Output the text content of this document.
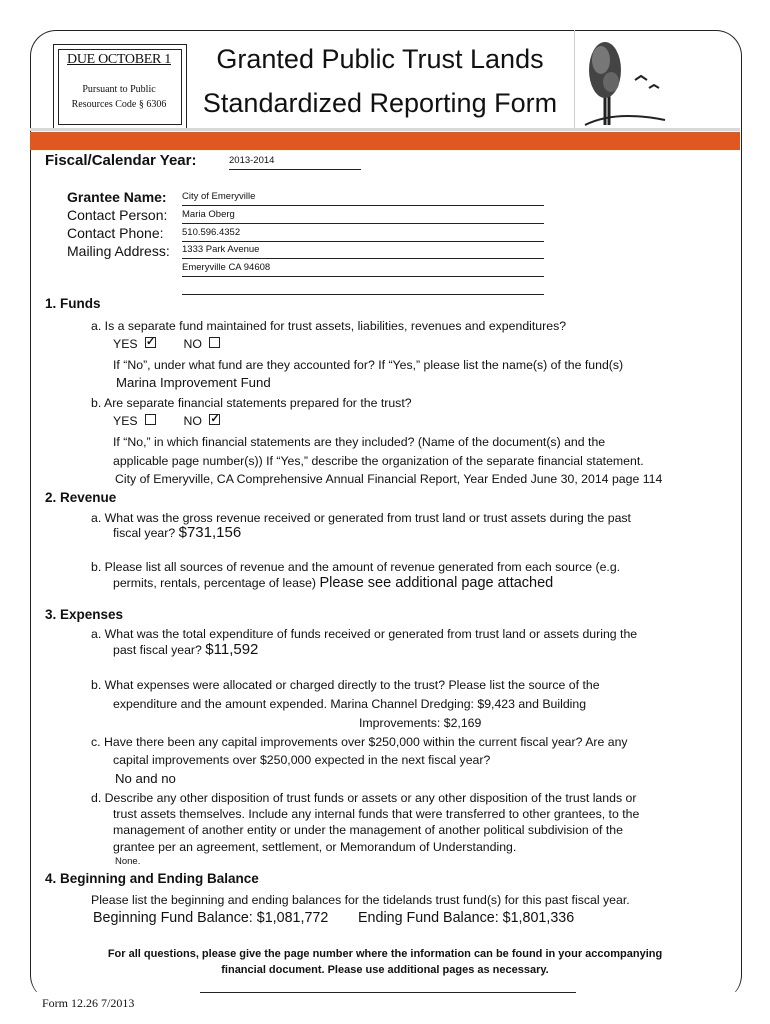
DUE OCTOBER 1
Pursuant to Public
Resources Code § 6306
Granted Public Trust Lands
Standardized Reporting Form
Fiscal/Calendar Year:	2013-2014
Grantee Name: City of Emeryville
Contact Person: Maria Oberg
Contact Phone: 510.596.4352
Mailing Address: 1333 Park Avenue
Emeryville CA 94608
1. Funds
a. Is a separate fund maintained for trust assets, liabilities, revenues and expenditures?
YES ✓	NO
If “No”, under what fund are they accounted for? If “Yes,” please list the name(s) of the fund(s)
Marina Improvement Fund
b. Are separate financial statements prepared for the trust?
YES	NO ✓
If “No,” in which financial statements are they included? (Name of the document(s) and the
applicable page number(s)) If “Yes,” describe the organization of the separate financial statement.
City of Emeryville, CA Comprehensive Annual Financial Report, Year Ended June 30, 2014 page 114
2. Revenue
a. What was the gross revenue received or generated from trust land or trust assets during the past
fiscal year? $731,156
b. Please list all sources of revenue and the amount of revenue generated from each source (e.g.
permits, rentals, percentage of lease) Please see additional page attached
3. Expenses
a. What was the total expenditure of funds received or generated from trust land or assets during the
past fiscal year? $11,592
b. What expenses were allocated or charged directly to the trust? Please list the source of the
expenditure and the amount expended. Marina Channel Dredging: $9,423 and Building
Improvements: $2,169
c. Have there been any capital improvements over $250,000 within the current fiscal year? Are any
capital improvements over $250,000 expected in the next fiscal year?
No and no
d. Describe any other disposition of trust funds or assets or any other disposition of the trust lands or
trust assets themselves. Include any internal funds that were transferred to other grantees, to the
management of another entity or under the management of another political subdivision of the
grantee per an agreement, settlement, or Memorandum of Understanding.
None.
4. Beginning and Ending Balance
Please list the beginning and ending balances for the tidelands trust fund(s) for this past fiscal year.
Beginning Fund Balance: $1,081,772 Ending Fund Balance: $1,801,336
For all questions, please give the page number where the information can be found in your accompanying
financial document. Please use additional pages as necessary.
Form 12.26 7/2013
